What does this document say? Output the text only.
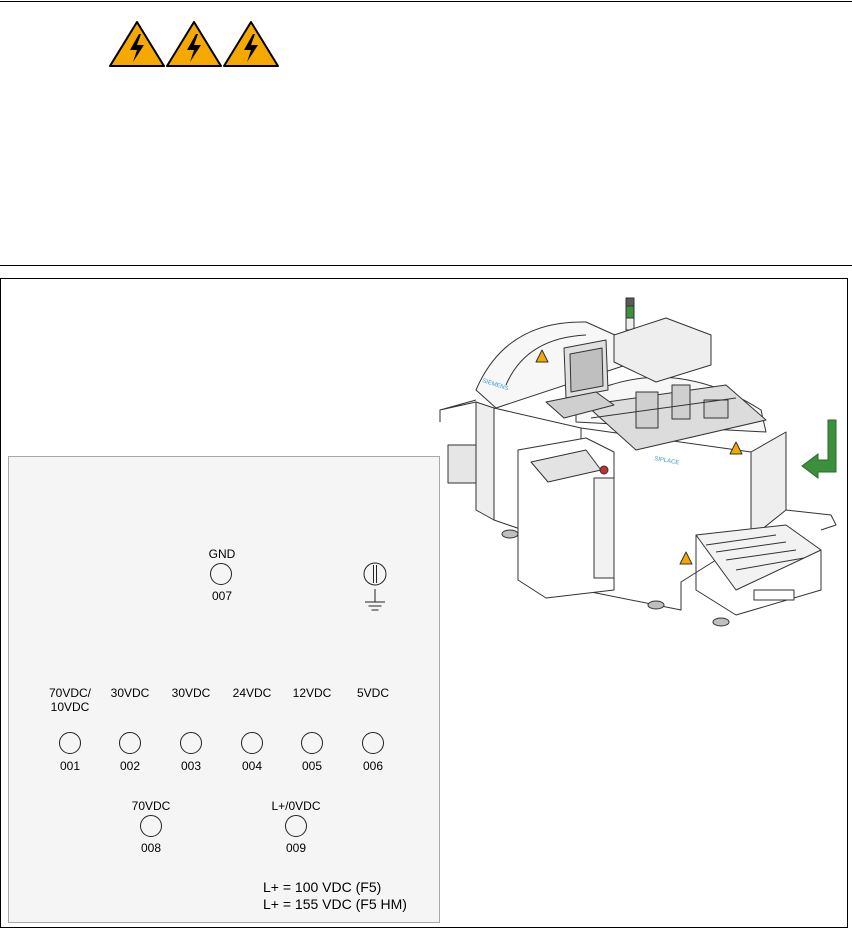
GND
007
70VDC/
10VDC
30VDC 30VDC 24VDC 12VDC 5VDC
001	002	003	004	005	006
70VDC
008
L+/0VDC
009
L+ = 100 VDC (F5)
L+ = 155 VDC (F5 HM)
SIEMENS
SIPLACE
